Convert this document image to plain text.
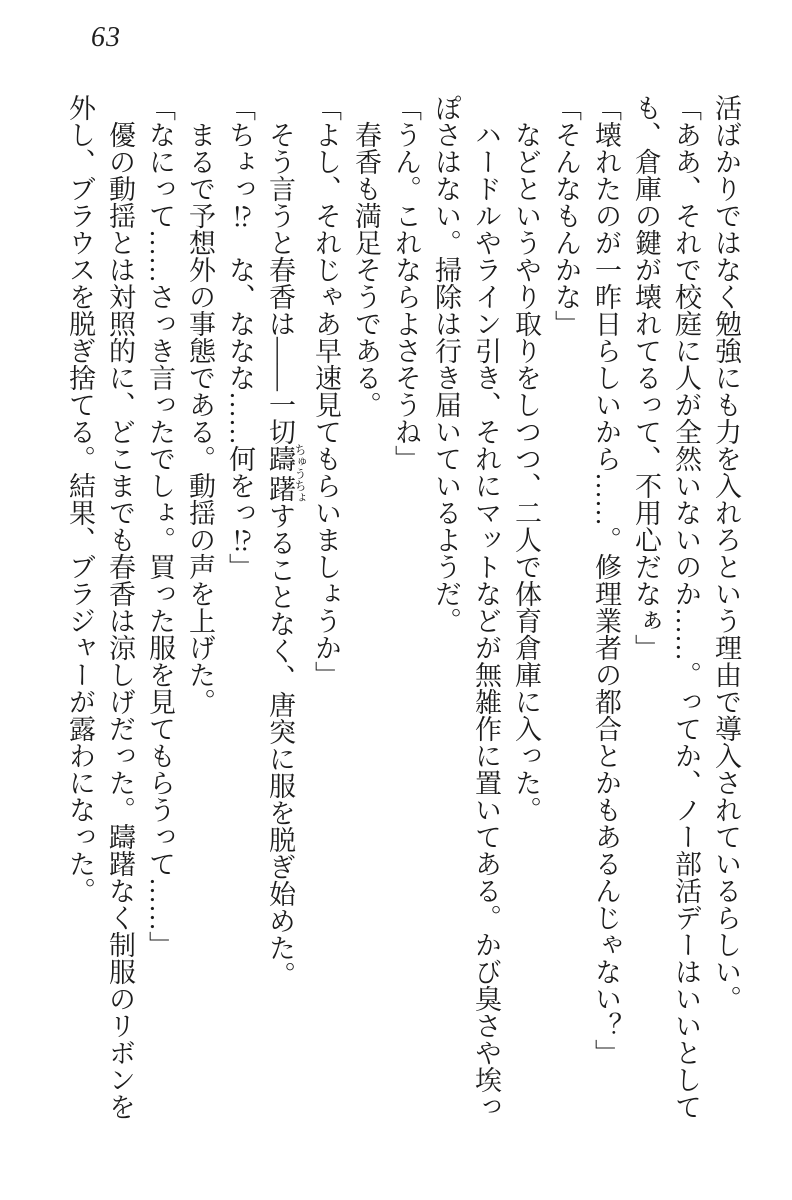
63
活ばかりではなく勉強にも力を入れろという理由で導入されているらしい。
「ああ、それで校庭に人が全然いないのか……。ってか、ノー部活デーはいいとして
も、倉庫の鍵が壊れてるって、不用心だなぁ」
「壊れたのが一昨日らしいから……。修理業者の都合とかもあるんじゃない？」
「そんなもんかな」
などというやり取りをしつつ、二人で体育倉庫に入った。
ハードルやライン引き、それにマットなどが無雑作に置いてある。かび臭さや埃っ
ぽさはない。掃除は行き届いているようだ。
「うん。これならよさそうね」
春香も満足そうである。
「よし、それじゃあ早速見てもらいましょうか」
そう言うと春香は――一切躊躇ちゅうちょすることなく、唐突に服を脱ぎ始めた。
「ちょっ⁉　な、ななな……何をっ⁉」
まるで予想外の事態である。動揺の声を上げた。
「なにって……さっき言ったでしょ。買った服を見てもらうって……」
優の動揺とは対照的に、どこまでも春香は涼しげだった。躊躇なく制服のリボンを
外し、ブラウスを脱ぎ捨てる。結果、ブラジャーが露わになった。
